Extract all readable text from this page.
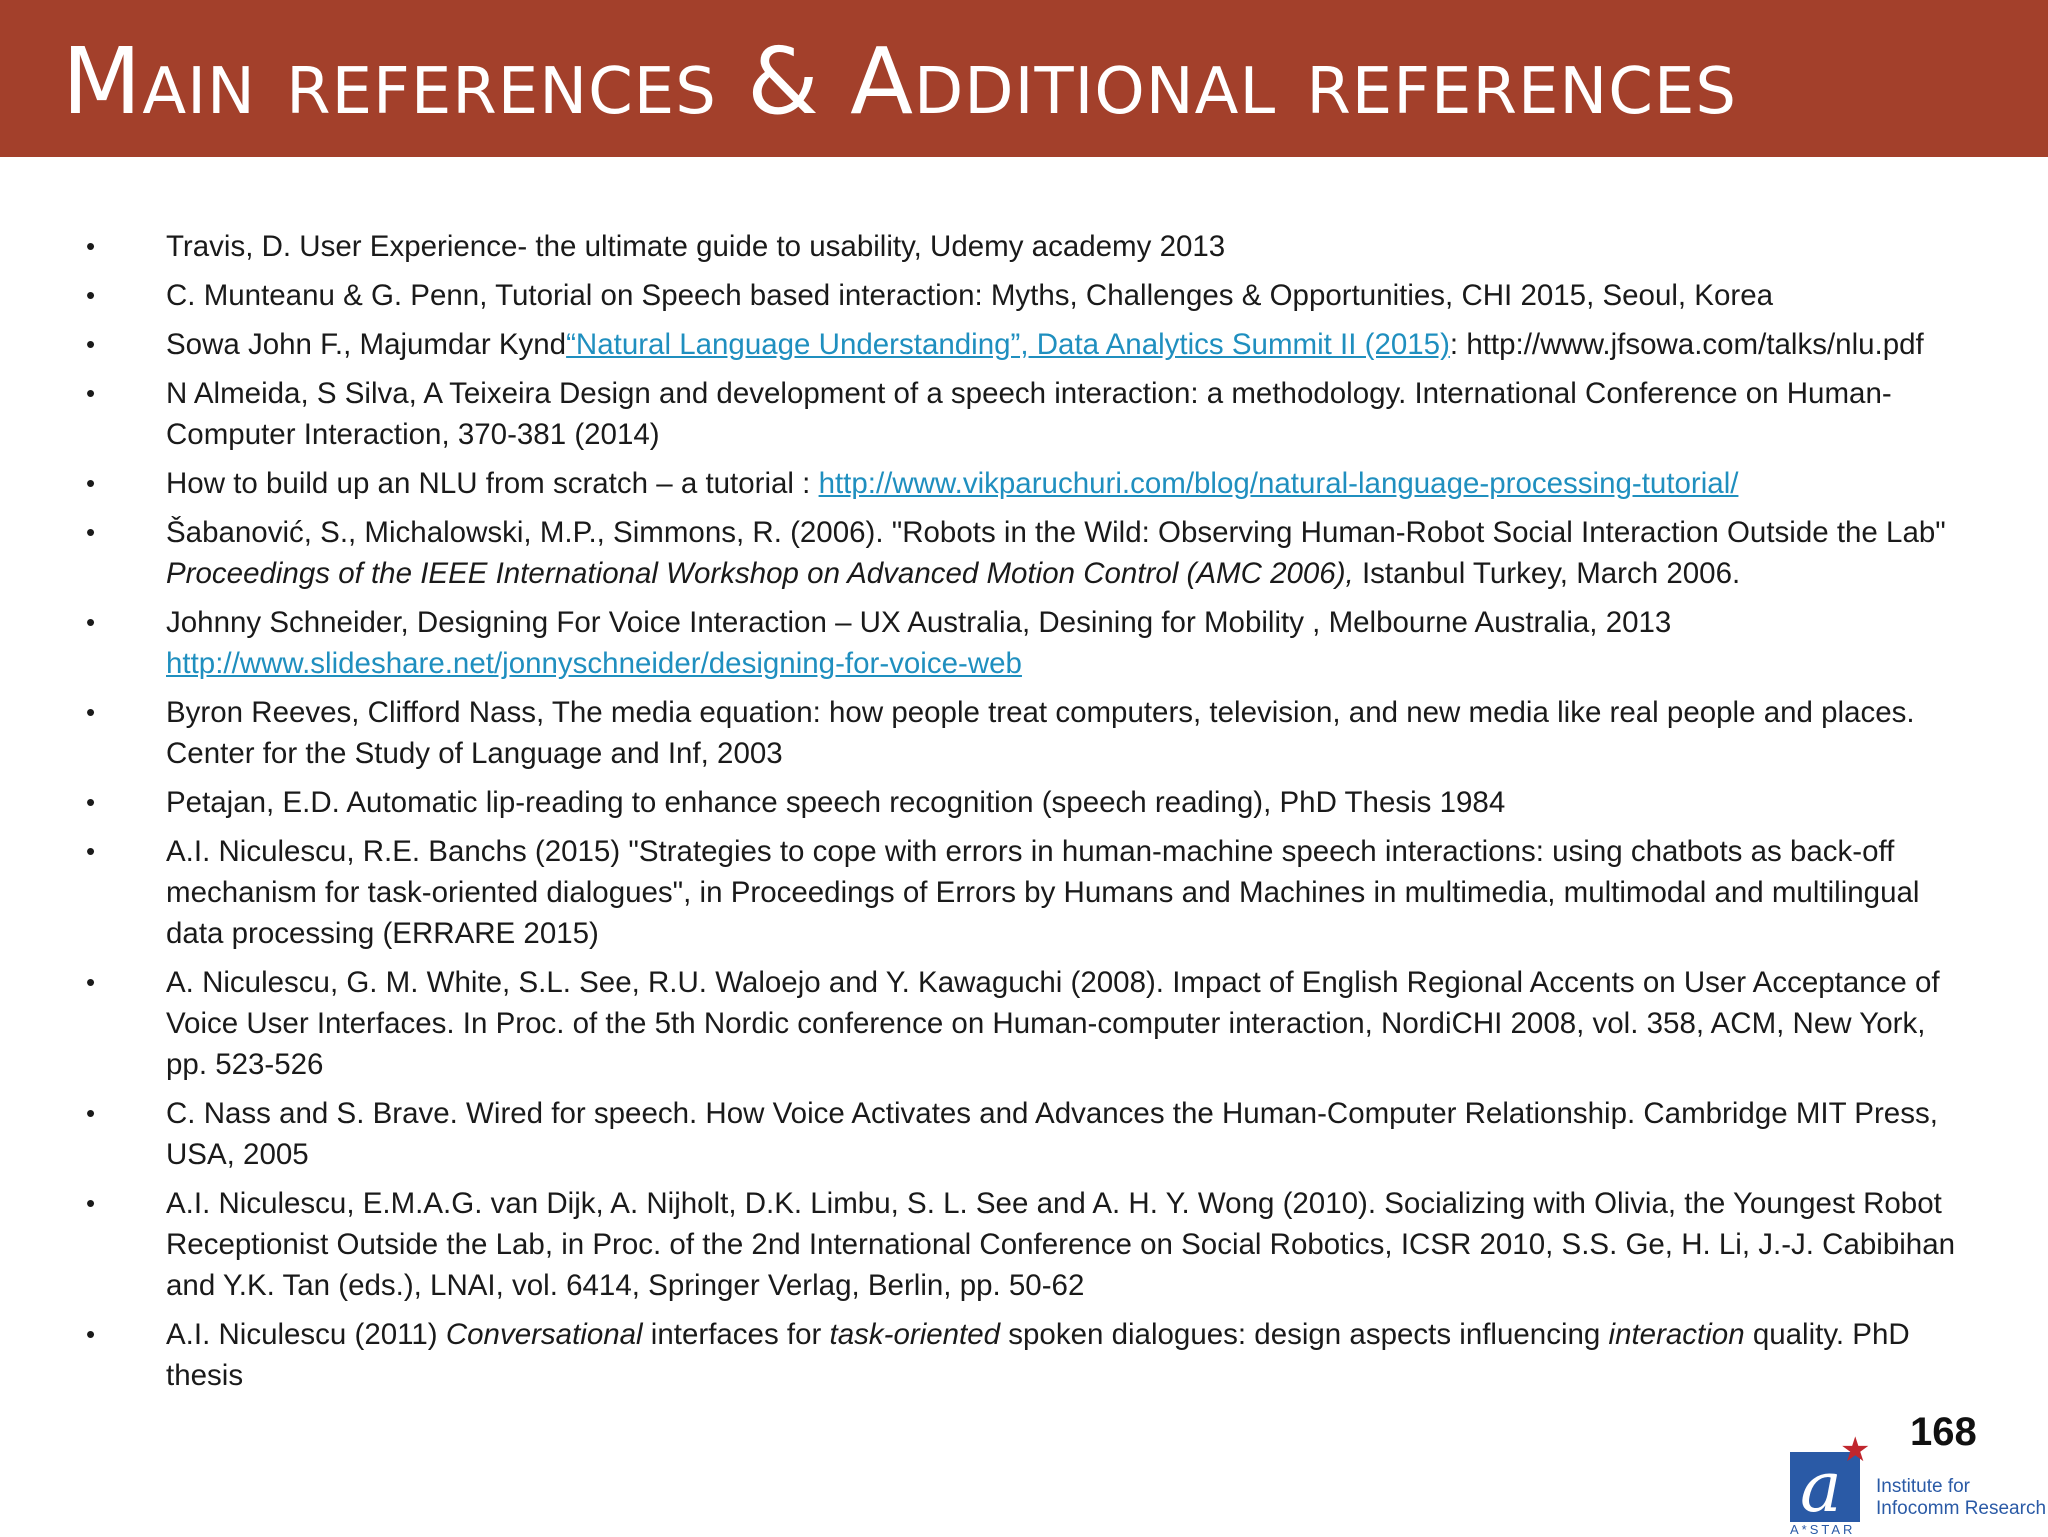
Main references & Additional references
• Travis, D. User Experience- the ultimate guide to usability, Udemy academy 2013
• C. Munteanu & G. Penn, Tutorial on Speech based interaction: Myths, Challenges & Opportunities, CHI 2015, Seoul, Korea
• Sowa John F., Majumdar Kynd“Natural Language Understanding”, Data Analytics Summit II (2015): http://www.jfsowa.com/talks/nlu.pdf
• N Almeida, S Silva, A Teixeira Design and development of a speech interaction: a methodology. International Conference on Human-Computer Interaction, 370-381 (2014)
• How to build up an NLU from scratch – a tutorial : http://www.vikparuchuri.com/blog/natural-language-processing-tutorial/
• Šabanović, S., Michalowski, M.P., Simmons, R. (2006). "Robots in the Wild: Observing Human-Robot Social Interaction Outside the Lab" Proceedings of the IEEE International Workshop on Advanced Motion Control (AMC 2006), Istanbul Turkey, March 2006.
• Johnny Schneider, Designing For Voice Interaction – UX Australia, Desining for Mobility , Melbourne Australia, 2013 http://www.slideshare.net/jonnyschneider/designing-for-voice-web
• Byron Reeves, Clifford Nass, The media equation: how people treat computers, television, and new media like real people and places. Center for the Study of Language and Inf, 2003
• Petajan, E.D. Automatic lip-reading to enhance speech recognition (speech reading), PhD Thesis 1984
• A.I. Niculescu, R.E. Banchs (2015) "Strategies to cope with errors in human-machine speech interactions: using chatbots as back-off mechanism for task-oriented dialogues", in Proceedings of Errors by Humans and Machines in multimedia, multimodal and multilingual data processing (ERRARE 2015)
• A. Niculescu, G. M. White, S.L. See, R.U. Waloejo and Y. Kawaguchi (2008). Impact of English Regional Accents on User Acceptance of Voice User Interfaces. In Proc. of the 5th Nordic conference on Human-computer interaction, NordiCHI 2008, vol. 358, ACM, New York, pp. 523-526
• C. Nass and S. Brave. Wired for speech. How Voice Activates and Advances the Human-Computer Relationship. Cambridge MIT Press, USA, 2005
• A.I. Niculescu, E.M.A.G. van Dijk, A. Nijholt, D.K. Limbu, S. L. See and A. H. Y. Wong (2010). Socializing with Olivia, the Youngest Robot Receptionist Outside the Lab, in Proc. of the 2nd International Conference on Social Robotics, ICSR 2010, S.S. Ge, H. Li, J.-J. Cabibihan and Y.K. Tan (eds.), LNAI, vol. 6414, Springer Verlag, Berlin, pp. 50-62
• A.I. Niculescu (2011) Conversational interfaces for task-oriented spoken dialogues: design aspects influencing interaction quality. PhD thesis
168
a
★
A*STAR
Institute for
Infocomm Research
